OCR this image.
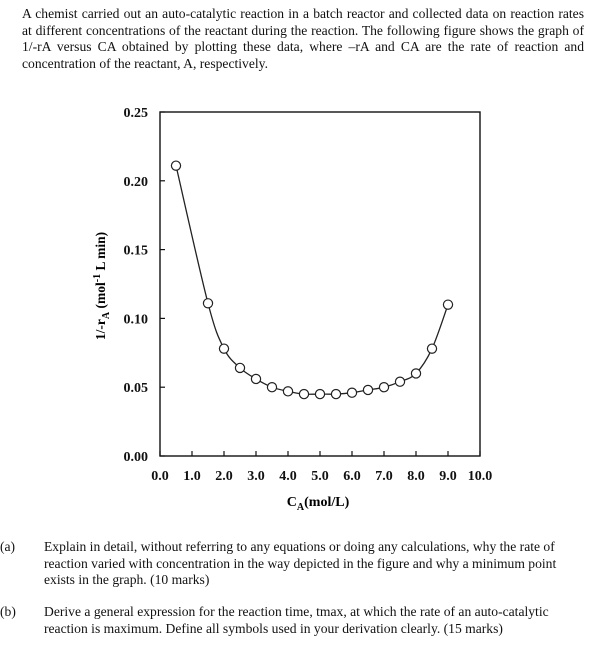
A chemist carried out an auto-catalytic reaction in a batch reactor and collected data on reaction rates at different concentrations of the reactant during the reaction. The following figure shows the graph of 1/-rA versus CA obtained by plotting these data, where –rA and CA are the rate of reaction and concentration of the reactant, A, respectively.

0.00
0.05
0.10
0.15
0.20
0.25
0.0 1.0 2.0 3.0 4.0 5.0 6.0 7.0 8.0 9.0 10.0
$1/-r_A$ (mol$^{-1}$ L min)
$C_A(mol/L)$
(a) Explain in detail, without referring to any equations or doing any calculations, why the rate of reaction varied with concentration in the way depicted in the figure and why a minimum point exists in the graph. (10 marks)
(b) Derive a general expression for the reaction time, tmax, at which the rate of an auto-catalytic reaction is maximum. Define all symbols used in your derivation clearly. (15 marks)
